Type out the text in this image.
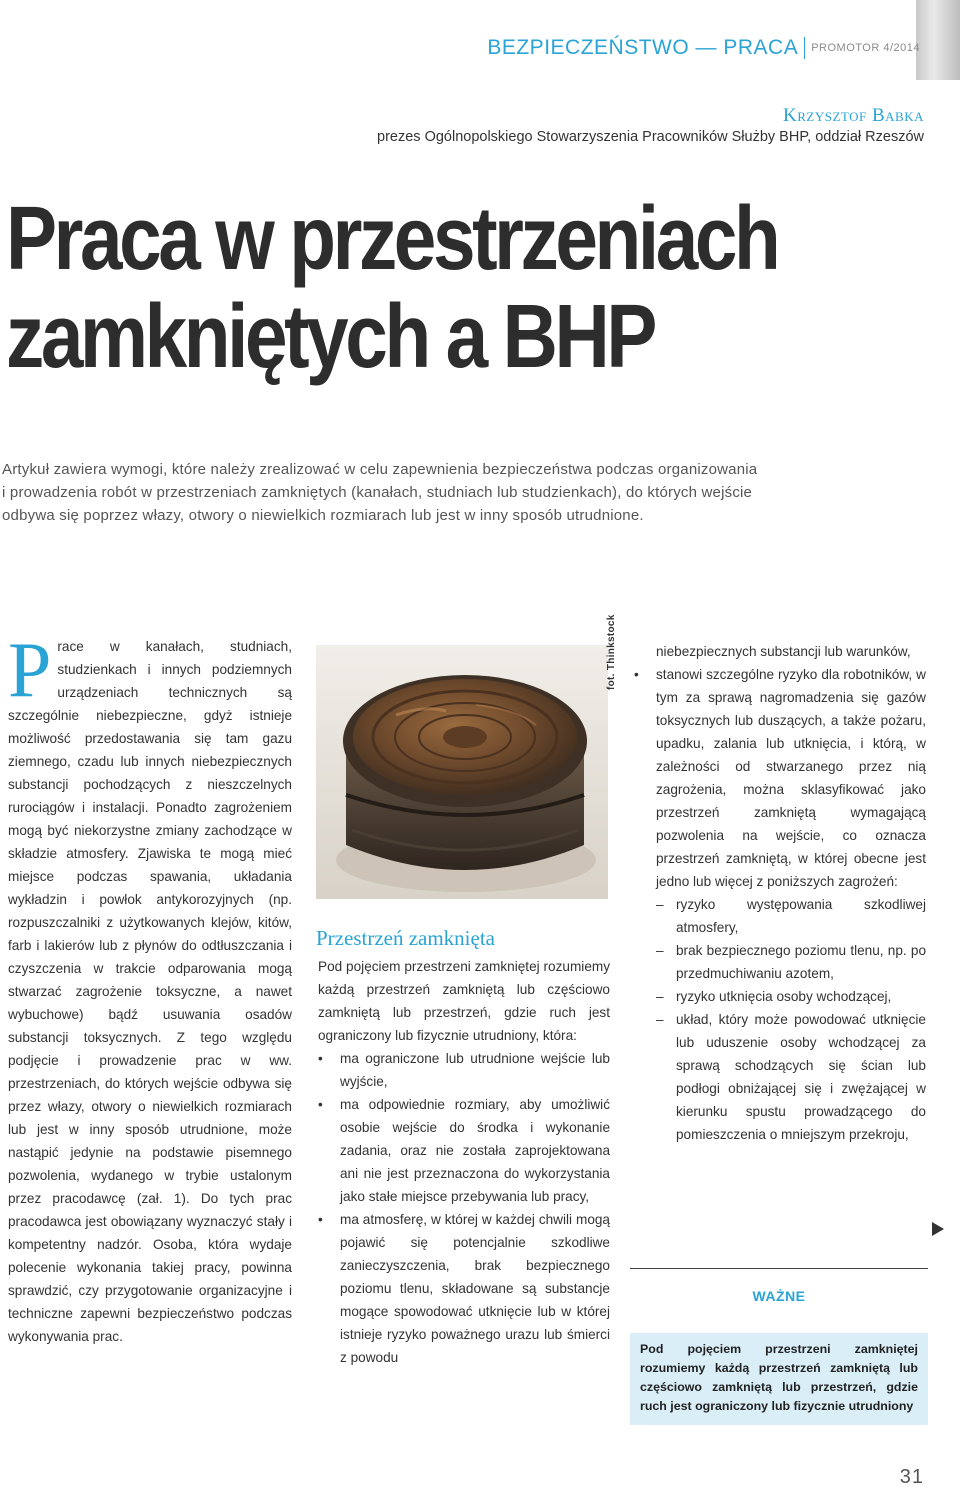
BEZPIECZEŃSTWO — PRACA PROMOTOR 4/2014
Krzysztof Babka
prezes Ogólnopolskiego Stowarzyszenia Pracowników Służby BHP, oddział Rzeszów
Praca w przestrzeniach
zamkniętych a BHP
Artykuł zawiera wymogi, które należy zrealizować w celu zapewnienia bezpieczeństwa podczas organizowania
i prowadzenia robót w przestrzeniach zamkniętych (kanałach, studniach lub studzienkach), do których wejście
odbywa się poprzez włazy, otwory o niewielkich rozmiarach lub jest w inny sposób utrudnione.
Prace w kanałach, studniach, studzienkach i innych podziemnych urządzeniach technicznych są szczególnie niebezpieczne, gdyż istnieje możliwość przedostawania się tam gazu ziemnego, czadu lub innych niebezpiecznych substancji pochodzących z nieszczelnych rurociągów i instalacji. Ponadto zagrożeniem mogą być niekorzystne zmiany zachodzące w składzie atmosfery. Zjawiska te mogą mieć miejsce podczas spawania, układania wykładzin i powłok antykorozyjnych (np. rozpuszczalniki z użytkowanych klejów, kitów, farb i lakierów lub z płynów do odtłuszczania i czyszczenia w trakcie odparowania mogą stwarzać zagrożenie toksyczne, a nawet wybuchowe) bądź usuwania osadów substancji toksycznych. Z tego względu podjęcie i prowadzenie prac w ww. przestrzeniach, do których wejście odbywa się przez włazy, otwory o niewielkich rozmiarach lub jest w inny sposób utrudnione, może nastąpić jedynie na podstawie pisemnego pozwolenia, wydanego w trybie ustalonym przez pracodawcę (zał. 1). Do tych prac pracodawca jest obowiązany wyznaczyć stały i kompetentny nadzór. Osoba, która wydaje polecenie wykonania takiej pracy, powinna sprawdzić, czy przygotowanie organizacyjne i techniczne zapewni bezpieczeństwo podczas wykonywania prac.
fot. Thinkstock
Przestrzeń zamknięta
Pod pojęciem przestrzeni zamkniętej rozumiemy każdą przestrzeń zamkniętą lub częściowo zamkniętą lub przestrzeń, gdzie ruch jest ograniczony lub fizycznie utrudniony, która:
• ma ograniczone lub utrudnione wejście lub wyjście,
• ma odpowiednie rozmiary, aby umożliwić osobie wejście do środka i wykonanie zadania, oraz nie została zaprojektowana ani nie jest przeznaczona do wykorzystania jako stałe miejsce przebywania lub pracy,
• ma atmosferę, w której w każdej chwili mogą pojawić się potencjalnie szkodliwe zanieczyszczenia, brak bezpiecznego poziomu tlenu, składowane są substancje mogące spowodować utknięcie lub w której istnieje ryzyko poważnego urazu lub śmierci z powodu
niebezpiecznych substancji lub warunków,
• stanowi szczególne ryzyko dla robotników, w tym za sprawą nagromadzenia się gazów toksycznych lub duszących, a także pożaru, upadku, zalania lub utknięcia, i którą, w zależności od stwarzanego przez nią zagrożenia, można sklasyfikować jako przestrzeń zamkniętą wymagającą pozwolenia na wejście, co oznacza przestrzeń zamkniętą, w której obecne jest jedno lub więcej z poniższych zagrożeń:
– ryzyko występowania szkodliwej atmosfery,
– brak bezpiecznego poziomu tlenu, np. po przedmuchiwaniu azotem,
– ryzyko utknięcia osoby wchodzącej,
– układ, który może powodować utknięcie lub uduszenie osoby wchodzącej za sprawą schodzących się ścian lub podłogi obniżającej się i zwężającej w kierunku spustu prowadzącego do pomieszczenia o mniejszym przekroju,
WAŻNE
Pod pojęciem przestrzeni zamkniętej rozumiemy każdą przestrzeń zamkniętą lub częściowo zamkniętą lub przestrzeń, gdzie ruch jest ograniczony lub fizycznie utrudniony
31
